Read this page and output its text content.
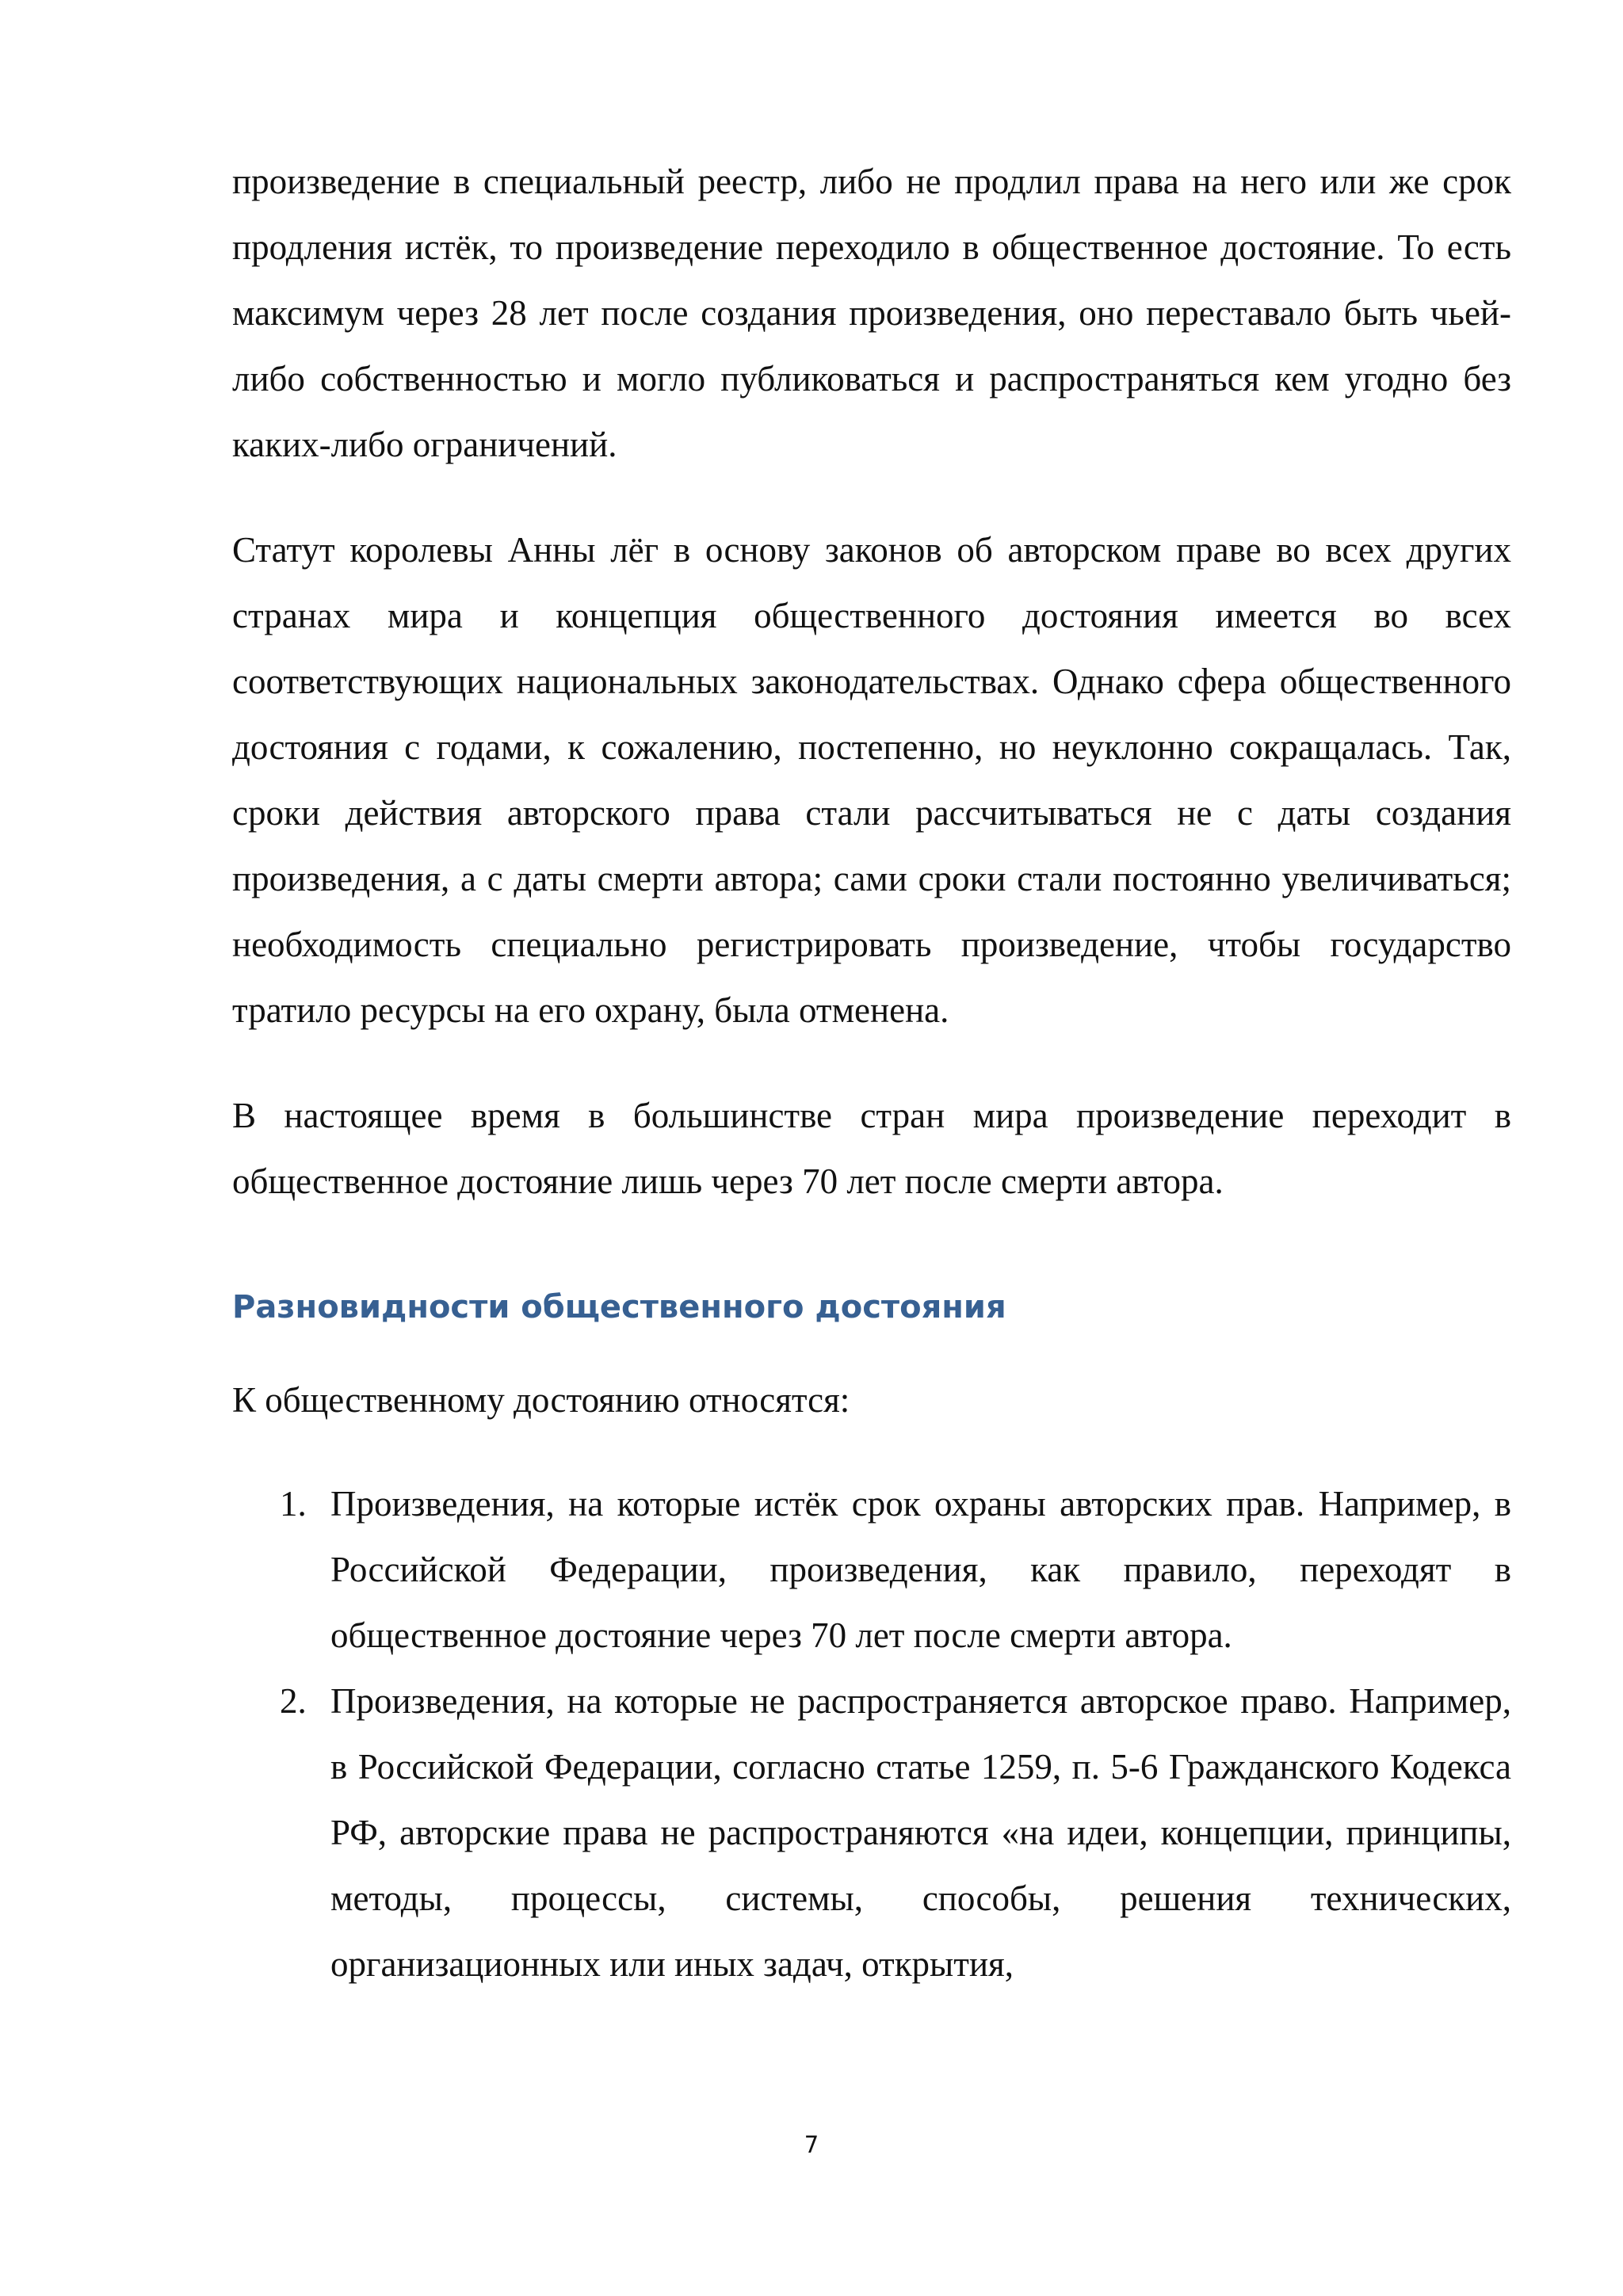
произведение в специальный реестр, либо не продлил права на него или же срок продления истёк, то произведение переходило в общественное достояние. То есть максимум через 28 лет после создания произведения, оно переставало быть чьей-либо собственностью и могло публиковаться и распространяться кем угодно без каких-либо ограничений.

Статут королевы Анны лёг в основу законов об авторском праве во всех других странах мира и концепция общественного достояния имеется во всех соответствующих национальных законодательствах. Однако сфера общественного достояния с годами, к сожалению, постепенно, но неуклонно сокращалась. Так, сроки действия авторского права стали рассчитываться не с даты создания произведения, а с даты смерти автора; сами сроки стали постоянно увеличиваться; необходимость специально регистрировать произведение, чтобы государство тратило ресурсы на его охрану, была отменена.

В настоящее время в большинстве стран мира произведение переходит в общественное достояние лишь через 70 лет после смерти автора.

Разновидности общественного достояния

К общественному достоянию относятся:

1. Произведения, на которые истёк срок охраны авторских прав. Например, в Российской Федерации, произведения, как правило, переходят в общественное достояние через 70 лет после смерти автора.
2. Произведения, на которые не распространяется авторское право. Например, в Российской Федерации, согласно статье 1259, п. 5-6 Гражданского Кодекса РФ, авторские права не распространяются «на идеи, концепции, принципы, методы, процессы, системы, способы, решения технических, организационных или иных задач, открытия,
7
